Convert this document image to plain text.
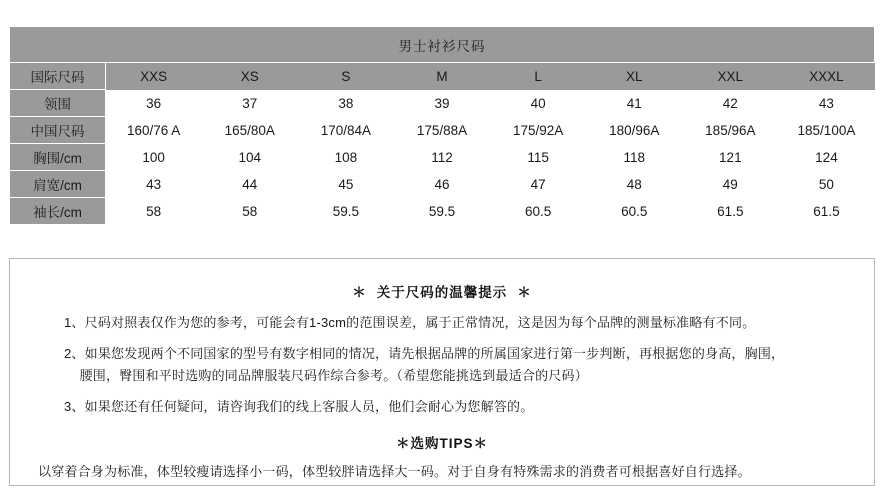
男士衬衫尺码								
国际尺码	XXS	XS	S	M	L	XL	XXL	XXXL
领围	36	37	38	39	40	41	42	43
中国尺码	160/76 A	165/80A	170/84A	175/88A	175/92A	180/96A	185/96A	185/100A
胸围/cm	100	104	108	112	115	118	121	124
肩宽/cm	43	44	45	46	47	48	49	50
袖长/cm	58	58	59.5	59.5	60.5	60.5	61.5	61.5
＊ 关于尺码的温馨提示 ＊

1、尺码对照表仅作为您的参考，可能会有1-3cm的范围误差，属于正常情况，这是因为每个品牌的测量标准略有不同。

2、如果您发现两个不同国家的型号有数字相同的情况，请先根据品牌的所属国家进行第一步判断，再根据您的身高，胸围，

腰围，臀围和平时选购的同品牌服装尺码作综合参考。（希望您能挑选到最适合的尺码）

3、如果您还有任何疑问，请咨询我们的线上客服人员，他们会耐心为您解答的。

＊选购TIPS＊

以穿着合身为标准，体型较瘦请选择小一码，体型较胖请选择大一码。对于自身有特殊需求的消费者可根据喜好自行选择。
